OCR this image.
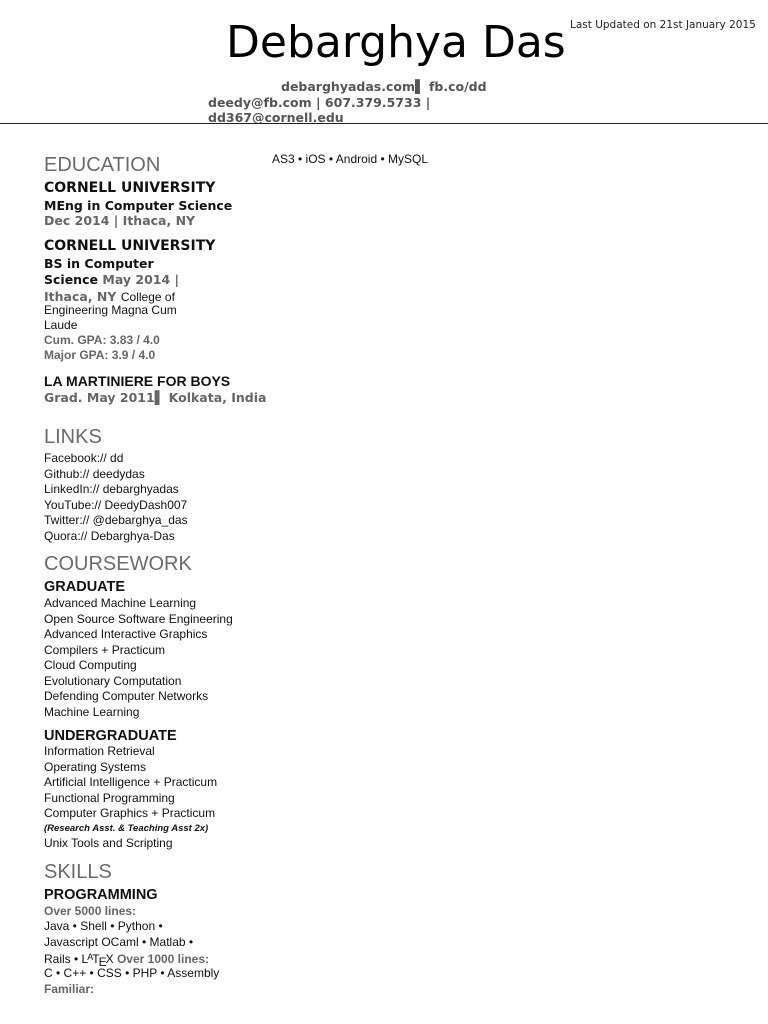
Debarghya Das Last Updated on 21st January 2015
debarghyadas.com▌ fb.co/dd
deedy@fb.com | 607.379.5733 |
dd367@cornell.edu
AS3 • iOS • Android • MySQL
EDUCATION
CORNELL UNIVERSITY
MEng in Computer Science
Dec 2014 | Ithaca, NY
CORNELL UNIVERSITY
BS in Computer
Science May 2014 |
Ithaca, NY College of
Engineering Magna Cum
Laude
Cum. GPA: 3.83 / 4.0
Major GPA: 3.9 / 4.0
LA MARTINIERE FOR BOYS
Grad. May 2011▌ Kolkata, India
LINKS
Facebook:// dd
Github:// deedydas
LinkedIn:// debarghyadas
YouTube:// DeedyDash007
Twitter:// @debarghya_das
Quora:// Debarghya-Das
COURSEWORK
GRADUATE
Advanced Machine Learning
Open Source Software Engineering
Advanced Interactive Graphics
Compilers + Practicum
Cloud Computing
Evolutionary Computation
Defending Computer Networks
Machine Learning
UNDERGRADUATE
Information Retrieval
Operating Systems
Artificial Intelligence + Practicum
Functional Programming
Computer Graphics + Practicum
(Research Asst. & Teaching Asst 2x)
Unix Tools and Scripting
SKILLS
PROGRAMMING
Over 5000 lines:
Java • Shell • Python •
Javascript OCaml • Matlab •
Rails • $L^ATEX$ Over 1000 lines:
C • C++ • CSS • PHP • Assembly
Familiar:
